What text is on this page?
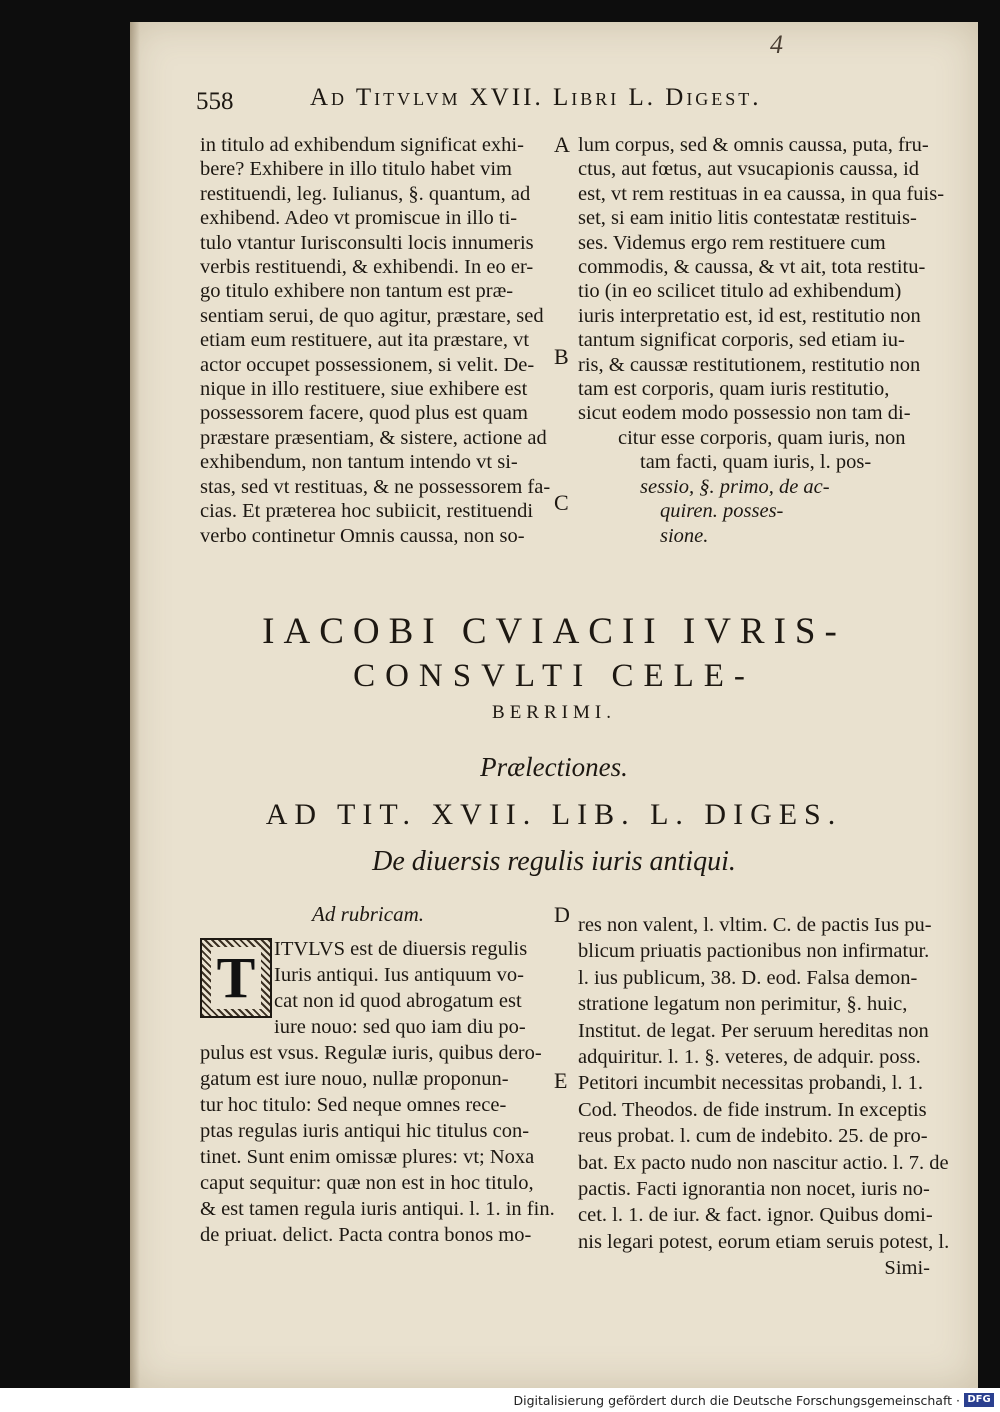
4
558	Ad Titvlvm XVII. Libri L. Digest.
in titulo ad exhibendum significat exhi-
bere? Exhibere in illo titulo habet vim
restituendi, leg. Iulianus, §. quantum, ad
exhibend. Adeo vt promiscue in illo ti-
tulo vtantur Iurisconsulti locis innumeris
verbis restituendi, & exhibendi. In eo er-
go titulo exhibere non tantum est præ-
sentiam serui, de quo agitur, præstare, sed
etiam eum restituere, aut ita præstare, vt
actor occupet possessionem, si velit. De-
nique in illo restituere, siue exhibere est
possessorem facere, quod plus est quam
præstare præsentiam, & sistere, actione ad
exhibendum, non tantum intendo vt si-
stas, sed vt restituas, & ne possessorem fa-
cias. Et præterea hoc subiicit, restituendi
verbo continetur Omnis caussa, non so-
A
B
C
lum corpus, sed & omnis caussa, puta, fru-
ctus, aut fœtus, aut vsucapionis caussa, id
est, vt rem restituas in ea caussa, in qua fuis-
set, si eam initio litis contestatæ restituis-
ses. Videmus ergo rem restituere cum
commodis, & caussa, & vt ait, tota restitu-
tio (in eo scilicet titulo ad exhibendum)
iuris interpretatio est, id est, restitutio non
tantum significat corporis, sed etiam iu-
ris, & caussæ restitutionem, restitutio non
tam est corporis, quam iuris restitutio,
sicut eodem modo possessio non tam di-
citur esse corporis, quam iuris, non
tam facti, quam iuris, l. pos-
sessio, §. primo, de ac-
quiren. posses-
sione.
IACOBI CVIACII IVRIS-
CONSVLTI CELE-
BERRIMI.
Prælectiones.
AD TIT. XVII. LIB. L. DIGES.
De diuersis regulis iuris antiqui.
Ad rubricam.
T ITVLVS est de diuersis regulis
Iuris antiqui. Ius antiquum vo-
cat non id quod abrogatum est
iure nouo: sed quo iam diu po-
pulus est vsus. Regulæ iuris, quibus dero-
gatum est iure nouo, nullæ proponun-
tur hoc titulo: Sed neque omnes rece-
ptas regulas iuris antiqui hic titulus con-
tinet. Sunt enim omissæ plures: vt; Noxa
caput sequitur: quæ non est in hoc titulo,
& est tamen regula iuris antiqui. l. 1. in fin.
de priuat. delict. Pacta contra bonos mo-
D
E
res non valent, l. vltim. C. de pactis Ius pu-
blicum priuatis pactionibus non infirmatur.
l. ius publicum, 38. D. eod. Falsa demon-
stratione legatum non perimitur, §. huic,
Institut. de legat. Per seruum hereditas non
adquiritur. l. 1. §. veteres, de adquir. poss.
Petitori incumbit necessitas probandi, l. 1.
Cod. Theodos. de fide instrum. In exceptis
reus probat. l. cum de indebito. 25. de pro-
bat. Ex pacto nudo non nascitur actio. l. 7. de
pactis. Facti ignorantia non nocet, iuris no-
cet. l. 1. de iur. & fact. ignor. Quibus domi-
nis legari potest, eorum etiam seruis potest, l.
Simi-
Digitalisierung gefördert durch die Deutsche Forschungsgemeinschaft · DFG
